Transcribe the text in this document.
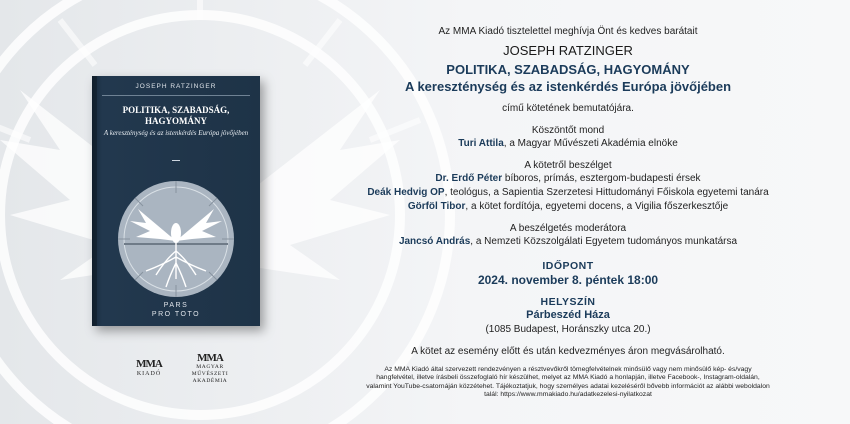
JOSEPH RATZINGER
POLITIKA, SZABADSÁG, HAGYOMÁNY
A kereszténység és az istenkérdés Európa jövőjében
PARS
PRO TOTO
MMA
KIADÓ
MMA
MAGYAR MŰVÉSZETI AKADÉMIA
Az MMA Kiadó tisztelettel meghívja Önt és kedves barátait
JOSEPH RATZINGER
POLITIKA, SZABADSÁG, HAGYOMÁNY
A kereszténység és az istenkérdés Európa jövőjében
című kötetének bemutatójára.
Köszöntőt mond
Turi Attila, a Magyar Művészeti Akadémia elnöke
A kötetről beszélget
Dr. Erdő Péter bíboros, prímás, esztergom-budapesti érsek
Deák Hedvig OP, teológus, a Sapientia Szerzetesi Hittudományi Főiskola egyetemi tanára
Görföl Tibor, a kötet fordítója, egyetemi docens, a Vigilia főszerkesztője
A beszélgetés moderátora
Jancsó András, a Nemzeti Közszolgálati Egyetem tudományos munkatársa
IDŐPONT
2024. november 8. péntek 18:00
HELYSZÍN
Párbeszéd Háza
(1085 Budapest, Horánszky utca 20.)
A kötet az esemény előtt és után kedvezményes áron megvásárolható.
Az MMA Kiadó által szervezett rendezvényen a résztvevőkről tömegfelvételnek minősülő vagy nem minősülő kép- és/vagy hangfelvétel, illetve írásbeli összefoglaló hír készülhet, melyet az MMA Kiadó a honlapján, illetve Facebook-, Instagram-oldalán, valamint YouTube-csatornáján közzétehet. Tájékoztatjuk, hogy személyes adatai kezeléséről bővebb információt az alábbi weboldalon talál: https://www.mmakiado.hu/adatkezelesi-nyilatkozat
